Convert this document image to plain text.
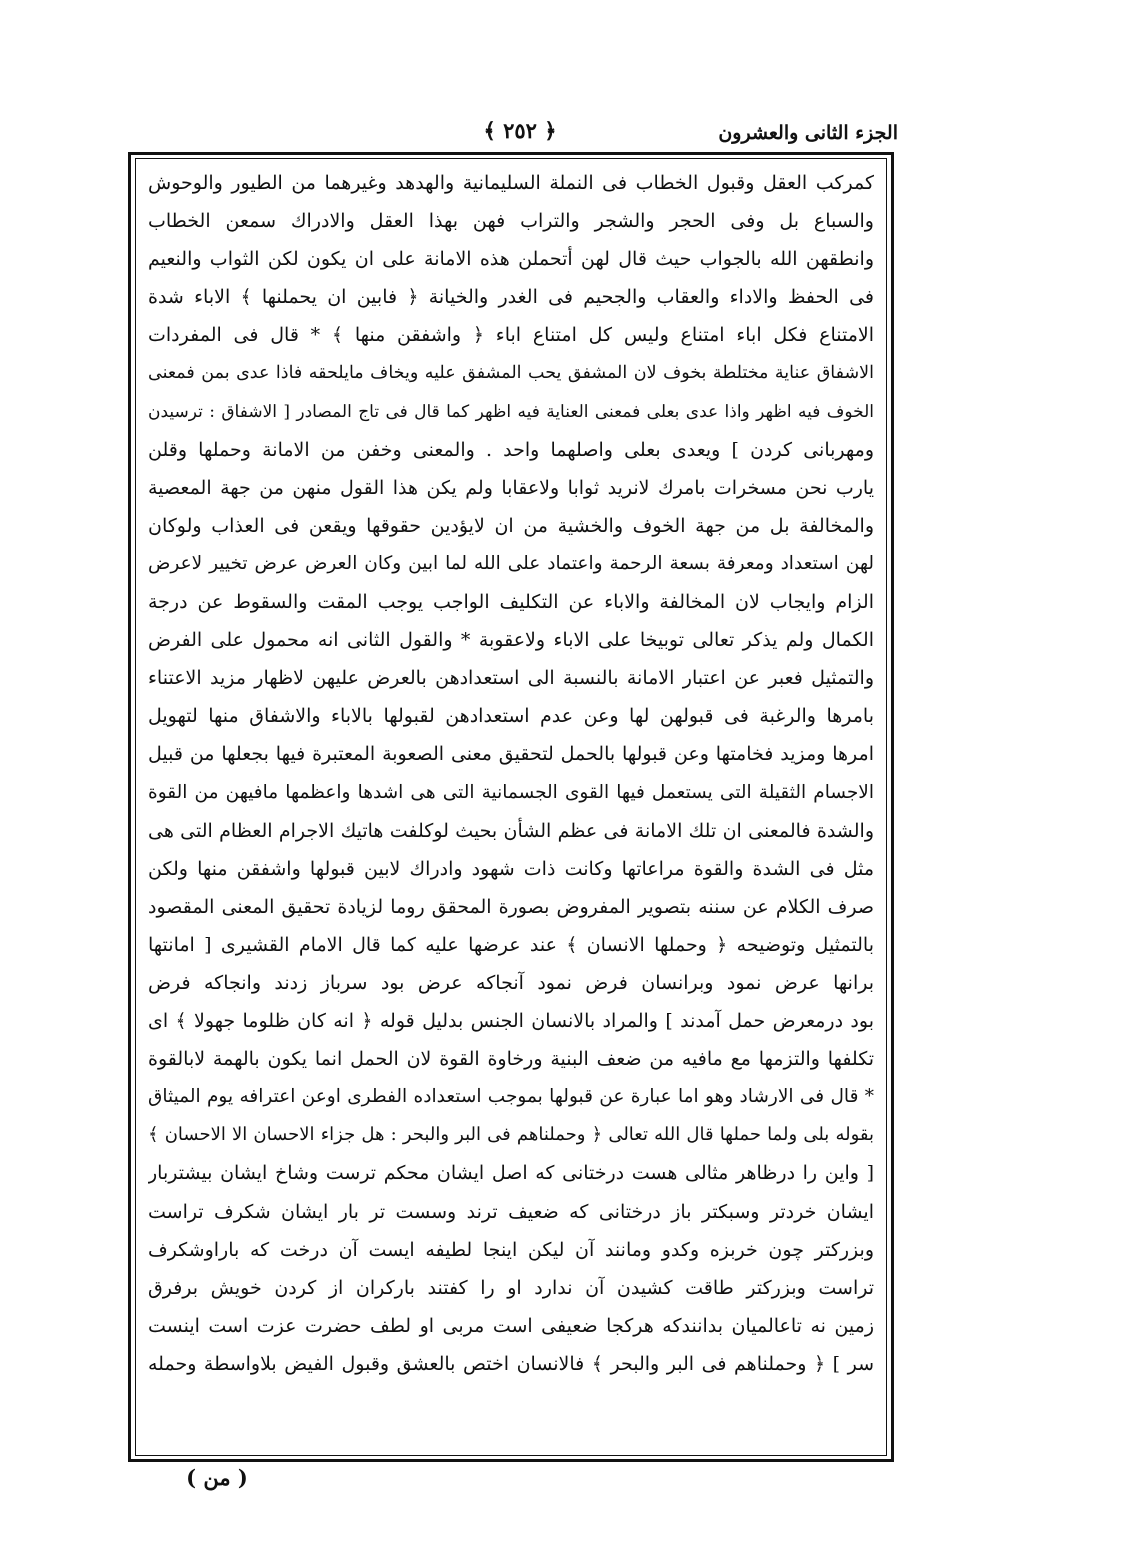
الجزء الثانى والعشرون
﴿ ٢٥٢ ﴾
كمركب العقل وقبول الخطاب فى النملة السليمانية والهدهد وغيرهما من الطيور والوحوش
والسباع بل وفى الحجر والشجر والتراب فهن بهذا العقل والادراك سمعن الخطاب
وانطقهن الله بالجواب حيث قال لهن أتحملن هذه الامانة على ان يكون لكن الثواب والنعيم
فى الحفظ والاداء والعقاب والجحيم فى الغدر والخيانة ﴿ فابين ان يحملنها ﴾ الاباء شدة
الامتناع فكل اباء امتناع وليس كل امتناع اباء ﴿ واشفقن منها ﴾ * قال فى المفردات
الاشفاق عناية مختلطة بخوف لان المشفق يحب المشفق عليه ويخاف مايلحقه فاذا عدى بمن فمعنى
الخوف فيه اظهر واذا عدى بعلى فمعنى العناية فيه اظهر كما قال فى تاج المصادر [ الاشفاق : ترسيدن
ومهربانى كردن ] ويعدى بعلى واصلهما واحد . والمعنى وخفن من الامانة وحملها وقلن
يارب نحن مسخرات بامرك لانريد ثوابا ولاعقابا ولم يكن هذا القول منهن من جهة المعصية
والمخالفة بل من جهة الخوف والخشية من ان لايؤدين حقوقها ويقعن فى العذاب ولوكان
لهن استعداد ومعرفة بسعة الرحمة واعتماد على الله لما ابين وكان العرض عرض تخيير لاعرض
الزام وايجاب لان المخالفة والاباء عن التكليف الواجب يوجب المقت والسقوط عن درجة
الكمال ولم يذكر تعالى توبيخا على الاباء ولاعقوبة * والقول الثانى انه محمول على الفرض
والتمثيل فعبر عن اعتبار الامانة بالنسبة الى استعدادهن بالعرض عليهن لاظهار مزيد الاعتناء
بامرها والرغبة فى قبولهن لها وعن عدم استعدادهن لقبولها بالاباء والاشفاق منها لتهويل
امرها ومزيد فخامتها وعن قبولها بالحمل لتحقيق معنى الصعوبة المعتبرة فيها بجعلها من قبيل
الاجسام الثقيلة التى يستعمل فيها القوى الجسمانية التى هى اشدها واعظمها مافيهن من القوة
والشدة فالمعنى ان تلك الامانة فى عظم الشأن بحيث لوكلفت هاتيك الاجرام العظام التى هى
مثل فى الشدة والقوة مراعاتها وكانت ذات شهود وادراك لابين قبولها واشفقن منها ولكن
صرف الكلام عن سننه بتصوير المفروض بصورة المحقق روما لزيادة تحقيق المعنى المقصود
بالتمثيل وتوضيحه ﴿ وحملها الانسان ﴾ عند عرضها عليه كما قال الامام القشيرى [ امانتها
برانها عرض نمود وبرانسان فرض نمود آنجاكه عرض بود سرباز زدند وانجاكه فرض
بود درمعرض حمل آمدند ] والمراد بالانسان الجنس بدليل قوله ﴿ انه كان ظلوما جهولا ﴾ اى
تكلفها والتزمها مع مافيه من ضعف البنية ورخاوة القوة لان الحمل انما يكون بالهمة لابالقوة
* قال فى الارشاد وهو اما عبارة عن قبولها بموجب استعداده الفطرى اوعن اعترافه يوم الميثاق
بقوله بلى ولما حملها قال الله تعالى ﴿ وحملناهم فى البر والبحر : هل جزاء الاحسان الا الاحسان ﴾
[ واين را درظاهر مثالى هست درختانى كه اصل ايشان محكم ترست وشاخ ايشان بيشتربار
ايشان خردتر وسبكتر باز درختانى كه ضعيف ترند وسست تر بار ايشان شكرف تراست
وبزركتر چون خربزه وكدو ومانند آن ليكن اينجا لطيفه ايست آن درخت كه باراوشكرف
تراست وبزركتر طاقت كشيدن آن ندارد او را كفتند باركران از كردن خويش برفرق
زمين نه تاعالميان بدانندكه هركجا ضعيفى است مربى او لطف حضرت عزت است اينست
سر ] ﴿ وحملناهم فى البر والبحر ﴾ فالانسان اختص بالعشق وقبول الفيض بلاواسطة وحمله
( من )
